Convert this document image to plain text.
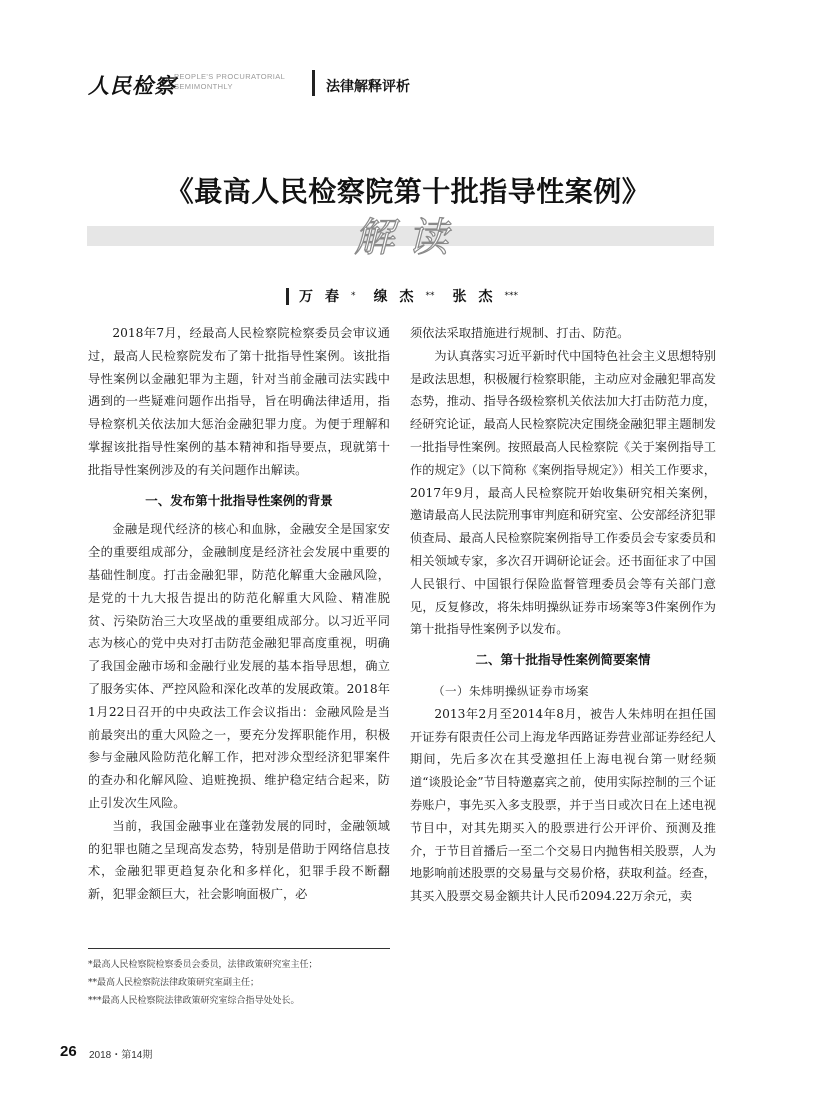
人民检察
PEOPLE'S PROCURATORIAL
SEMIMONTHLY	法律解释评析
《最高人民检察院第十批指导性案例》
解读
万春 * 缐杰 ** 张杰 ***

2018年7月，经最高人民检察院检察委员会审议通过，最高人民检察院发布了第十批指导性案例。该批指导性案例以金融犯罪为主题，针对当前金融司法实践中遇到的一些疑难问题作出指导，旨在明确法律适用，指导检察机关依法加大惩治金融犯罪力度。为便于理解和掌握该批指导性案例的基本精神和指导要点，现就第十批指导性案例涉及的有关问题作出解读。

一、发布第十批指导性案例的背景

金融是现代经济的核心和血脉，金融安全是国家安全的重要组成部分，金融制度是经济社会发展中重要的基础性制度。打击金融犯罪，防范化解重大金融风险，是党的十九大报告提出的防范化解重大风险、精准脱贫、污染防治三大攻坚战的重要组成部分。以习近平同志为核心的党中央对打击防范金融犯罪高度重视，明确了我国金融市场和金融行业发展的基本指导思想，确立了服务实体、严控风险和深化改革的发展政策。2018年1月22日召开的中央政法工作会议指出：金融风险是当前最突出的重大风险之一，要充分发挥职能作用，积极参与金融风险防范化解工作，把对涉众型经济犯罪案件的查办和化解风险、追赃挽损、维护稳定结合起来，防止引发次生风险。

当前，我国金融事业在蓬勃发展的同时，金融领域的犯罪也随之呈现高发态势，特别是借助于网络信息技术，金融犯罪更趋复杂化和多样化，犯罪手段不断翻新，犯罪金额巨大，社会影响面极广，必

须依法采取措施进行规制、打击、防范。

为认真落实习近平新时代中国特色社会主义思想特别是政法思想，积极履行检察职能，主动应对金融犯罪高发态势，推动、指导各级检察机关依法加大打击防范力度，经研究论证，最高人民检察院决定围绕金融犯罪主题制发一批指导性案例。按照最高人民检察院《关于案例指导工作的规定》（以下简称《案例指导规定》）相关工作要求，2017年9月，最高人民检察院开始收集研究相关案例，邀请最高人民法院刑事审判庭和研究室、公安部经济犯罪侦查局、最高人民检察院案例指导工作委员会专家委员和相关领域专家，多次召开调研论证会。还书面征求了中国人民银行、中国银行保险监督管理委员会等有关部门意见，反复修改，将朱炜明操纵证券市场案等3件案例作为第十批指导性案例予以发布。

二、第十批指导性案例简要案情
（一）朱炜明操纵证券市场案

2013年2月至2014年8月，被告人朱炜明在担任国开证券有限责任公司上海龙华西路证券营业部证券经纪人期间，先后多次在其受邀担任上海电视台第一财经频道“谈股论金”节目特邀嘉宾之前，使用实际控制的三个证券账户，事先买入多支股票，并于当日或次日在上述电视节目中，对其先期买入的股票进行公开评价、预测及推介，于节目首播后一至二个交易日内抛售相关股票，人为地影响前述股票的交易量与交易价格，获取利益。经查，其买入股票交易金额共计人民币2094.22万余元，卖

*最高人民检察院检察委员会委员，法律政策研究室主任；
**最高人民检察院法律政策研究室副主任；
***最高人民检察院法律政策研究室综合指导处处长。
26 2018・第14期
